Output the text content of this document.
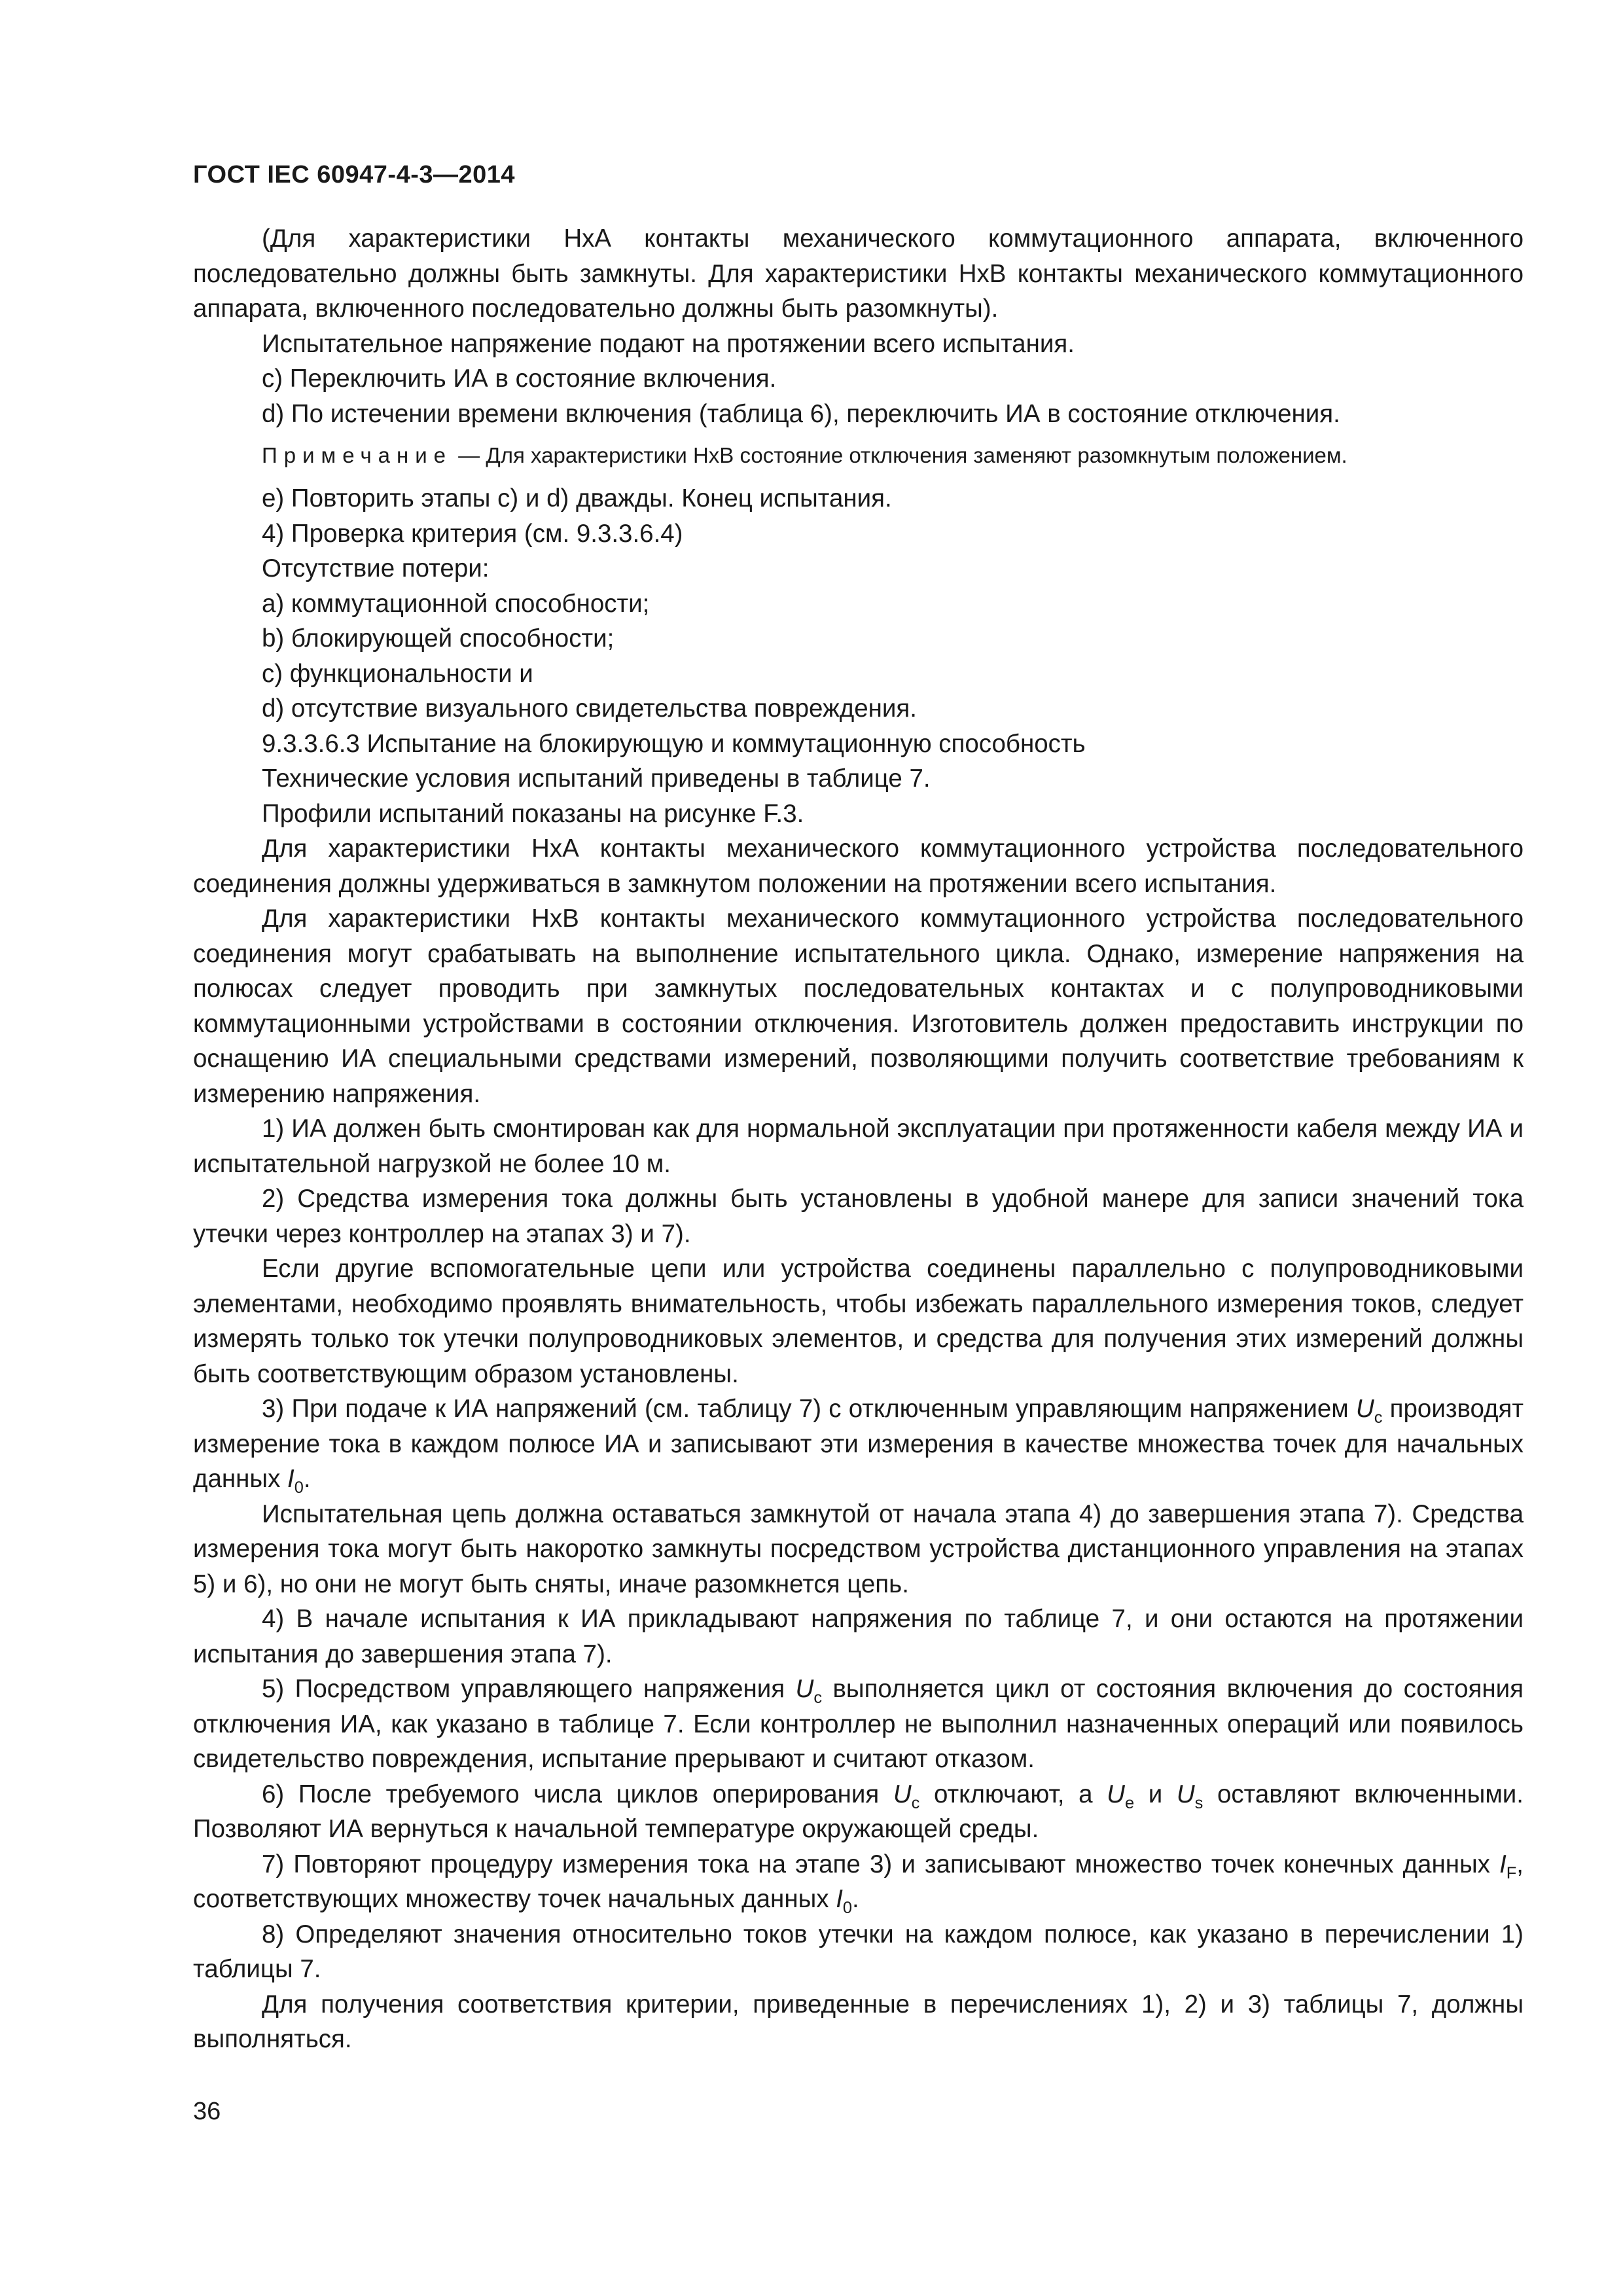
ГОСТ IEC 60947-4-3—2014

(Для характеристики НхА контакты механического коммутационного аппарата, включенного последовательно должны быть замкнуты. Для характеристики НхВ контакты механического коммутационного аппарата, включенного последовательно должны быть разомкнуты).

Испытательное напряжение подают на протяжении всего испытания.

c) Переключить ИА в состояние включения.

d) По истечении времени включения (таблица 6), переключить ИА в состояние отключения.

Примечание — Для характеристики НхВ состояние отключения заменяют разомкнутым положением.

e) Повторить этапы c) и d) дважды. Конец испытания.

4) Проверка критерия (см. 9.3.3.6.4)

Отсутствие потери:

a) коммутационной способности;

b) блокирующей способности;

c) функциональности и

d) отсутствие визуального свидетельства повреждения.

9.3.3.6.3 Испытание на блокирующую и коммутационную способность

Технические условия испытаний приведены в таблице 7.

Профили испытаний показаны на рисунке F.3.

Для характеристики НхА контакты механического коммутационного устройства последовательного соединения должны удерживаться в замкнутом положении на протяжении всего испытания.

Для характеристики НхВ контакты механического коммутационного устройства последовательного соединения могут срабатывать на выполнение испытательного цикла. Однако, измерение напряжения на полюсах следует проводить при замкнутых последовательных контактах и с полупроводниковыми коммутационными устройствами в состоянии отключения. Изготовитель должен предоставить инструкции по оснащению ИА специальными средствами измерений, позволяющими получить соответствие требованиям к измерению напряжения.

1) ИА должен быть смонтирован как для нормальной эксплуатации при протяженности кабеля между ИА и испытательной нагрузкой не более 10 м.

2) Средства измерения тока должны быть установлены в удобной манере для записи значений тока утечки через контроллер на этапах 3) и 7).

Если другие вспомогательные цепи или устройства соединены параллельно с полупроводниковыми элементами, необходимо проявлять внимательность, чтобы избежать параллельного измерения токов, следует измерять только ток утечки полупроводниковых элементов, и средства для получения этих измерений должны быть соответствующим образом установлены.

3) При подаче к ИА напряжений (см. таблицу 7) с отключенным управляющим напряжением $U_c$ производят измерение тока в каждом полюсе ИА и записывают эти измерения в качестве множества точек для начальных данных $I_0$.

Испытательная цепь должна оставаться замкнутой от начала этапа 4) до завершения этапа 7). Средства измерения тока могут быть накоротко замкнуты посредством устройства дистанционного управления на этапах 5) и 6), но они не могут быть сняты, иначе разомкнется цепь.

4) В начале испытания к ИА прикладывают напряжения по таблице 7, и они остаются на протяжении испытания до завершения этапа 7).

5) Посредством управляющего напряжения $U_c$ выполняется цикл от состояния включения до состояния отключения ИА, как указано в таблице 7. Если контроллер не выполнил назначенных операций или появилось свидетельство повреждения, испытание прерывают и считают отказом.

6) После требуемого числа циклов оперирования $U_c$ отключают, а $U_e$ и $U_s$ оставляют включенными. Позволяют ИА вернуться к начальной температуре окружающей среды.

7) Повторяют процедуру измерения тока на этапе 3) и записывают множество точек конечных данных $I_F$, соответствующих множеству точек начальных данных $I_0$.

8) Определяют значения относительно токов утечки на каждом полюсе, как указано в перечислении 1) таблицы 7.

Для получения соответствия критерии, приведенные в перечислениях 1), 2) и 3) таблицы 7, должны выполняться.

36
